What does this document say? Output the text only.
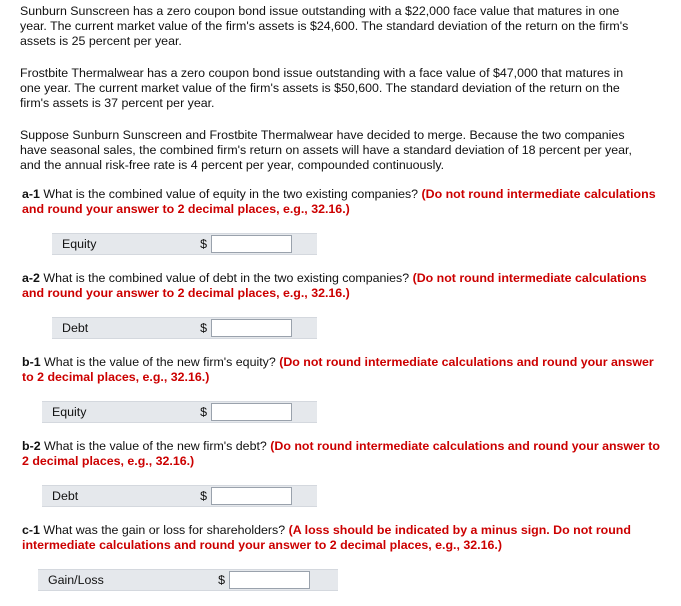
Sunburn Sunscreen has a zero coupon bond issue outstanding with a $22,000 face value that matures in one year. The current market value of the firm's assets is $24,600. The standard deviation of the return on the firm's assets is 25 percent per year.

Frostbite Thermalwear has a zero coupon bond issue outstanding with a face value of $47,000 that matures in one year. The current market value of the firm's assets is $50,600. The standard deviation of the return on the firm's assets is 37 percent per year.

Suppose Sunburn Sunscreen and Frostbite Thermalwear have decided to merge. Because the two companies have seasonal sales, the combined firm's return on assets will have a standard deviation of 18 percent per year, and the annual risk-free rate is 4 percent per year, compounded continuously.

a-1 What is the combined value of equity in the two existing companies? (Do not round intermediate calculations and round your answer to 2 decimal places, e.g., 32.16.)
Equity	$
a-2 What is the combined value of debt in the two existing companies? (Do not round intermediate calculations and round your answer to 2 decimal places, e.g., 32.16.)
Debt	$
b-1 What is the value of the new firm's equity? (Do not round intermediate calculations and round your answer to 2 decimal places, e.g., 32.16.)
Equity	$
b-2 What is the value of the new firm's debt? (Do not round intermediate calculations and round your answer to 2 decimal places, e.g., 32.16.)
Debt	$
c-1 What was the gain or loss for shareholders? (A loss should be indicated by a minus sign. Do not round intermediate calculations and round your answer to 2 decimal places, e.g., 32.16.)
Gain/Loss	$
